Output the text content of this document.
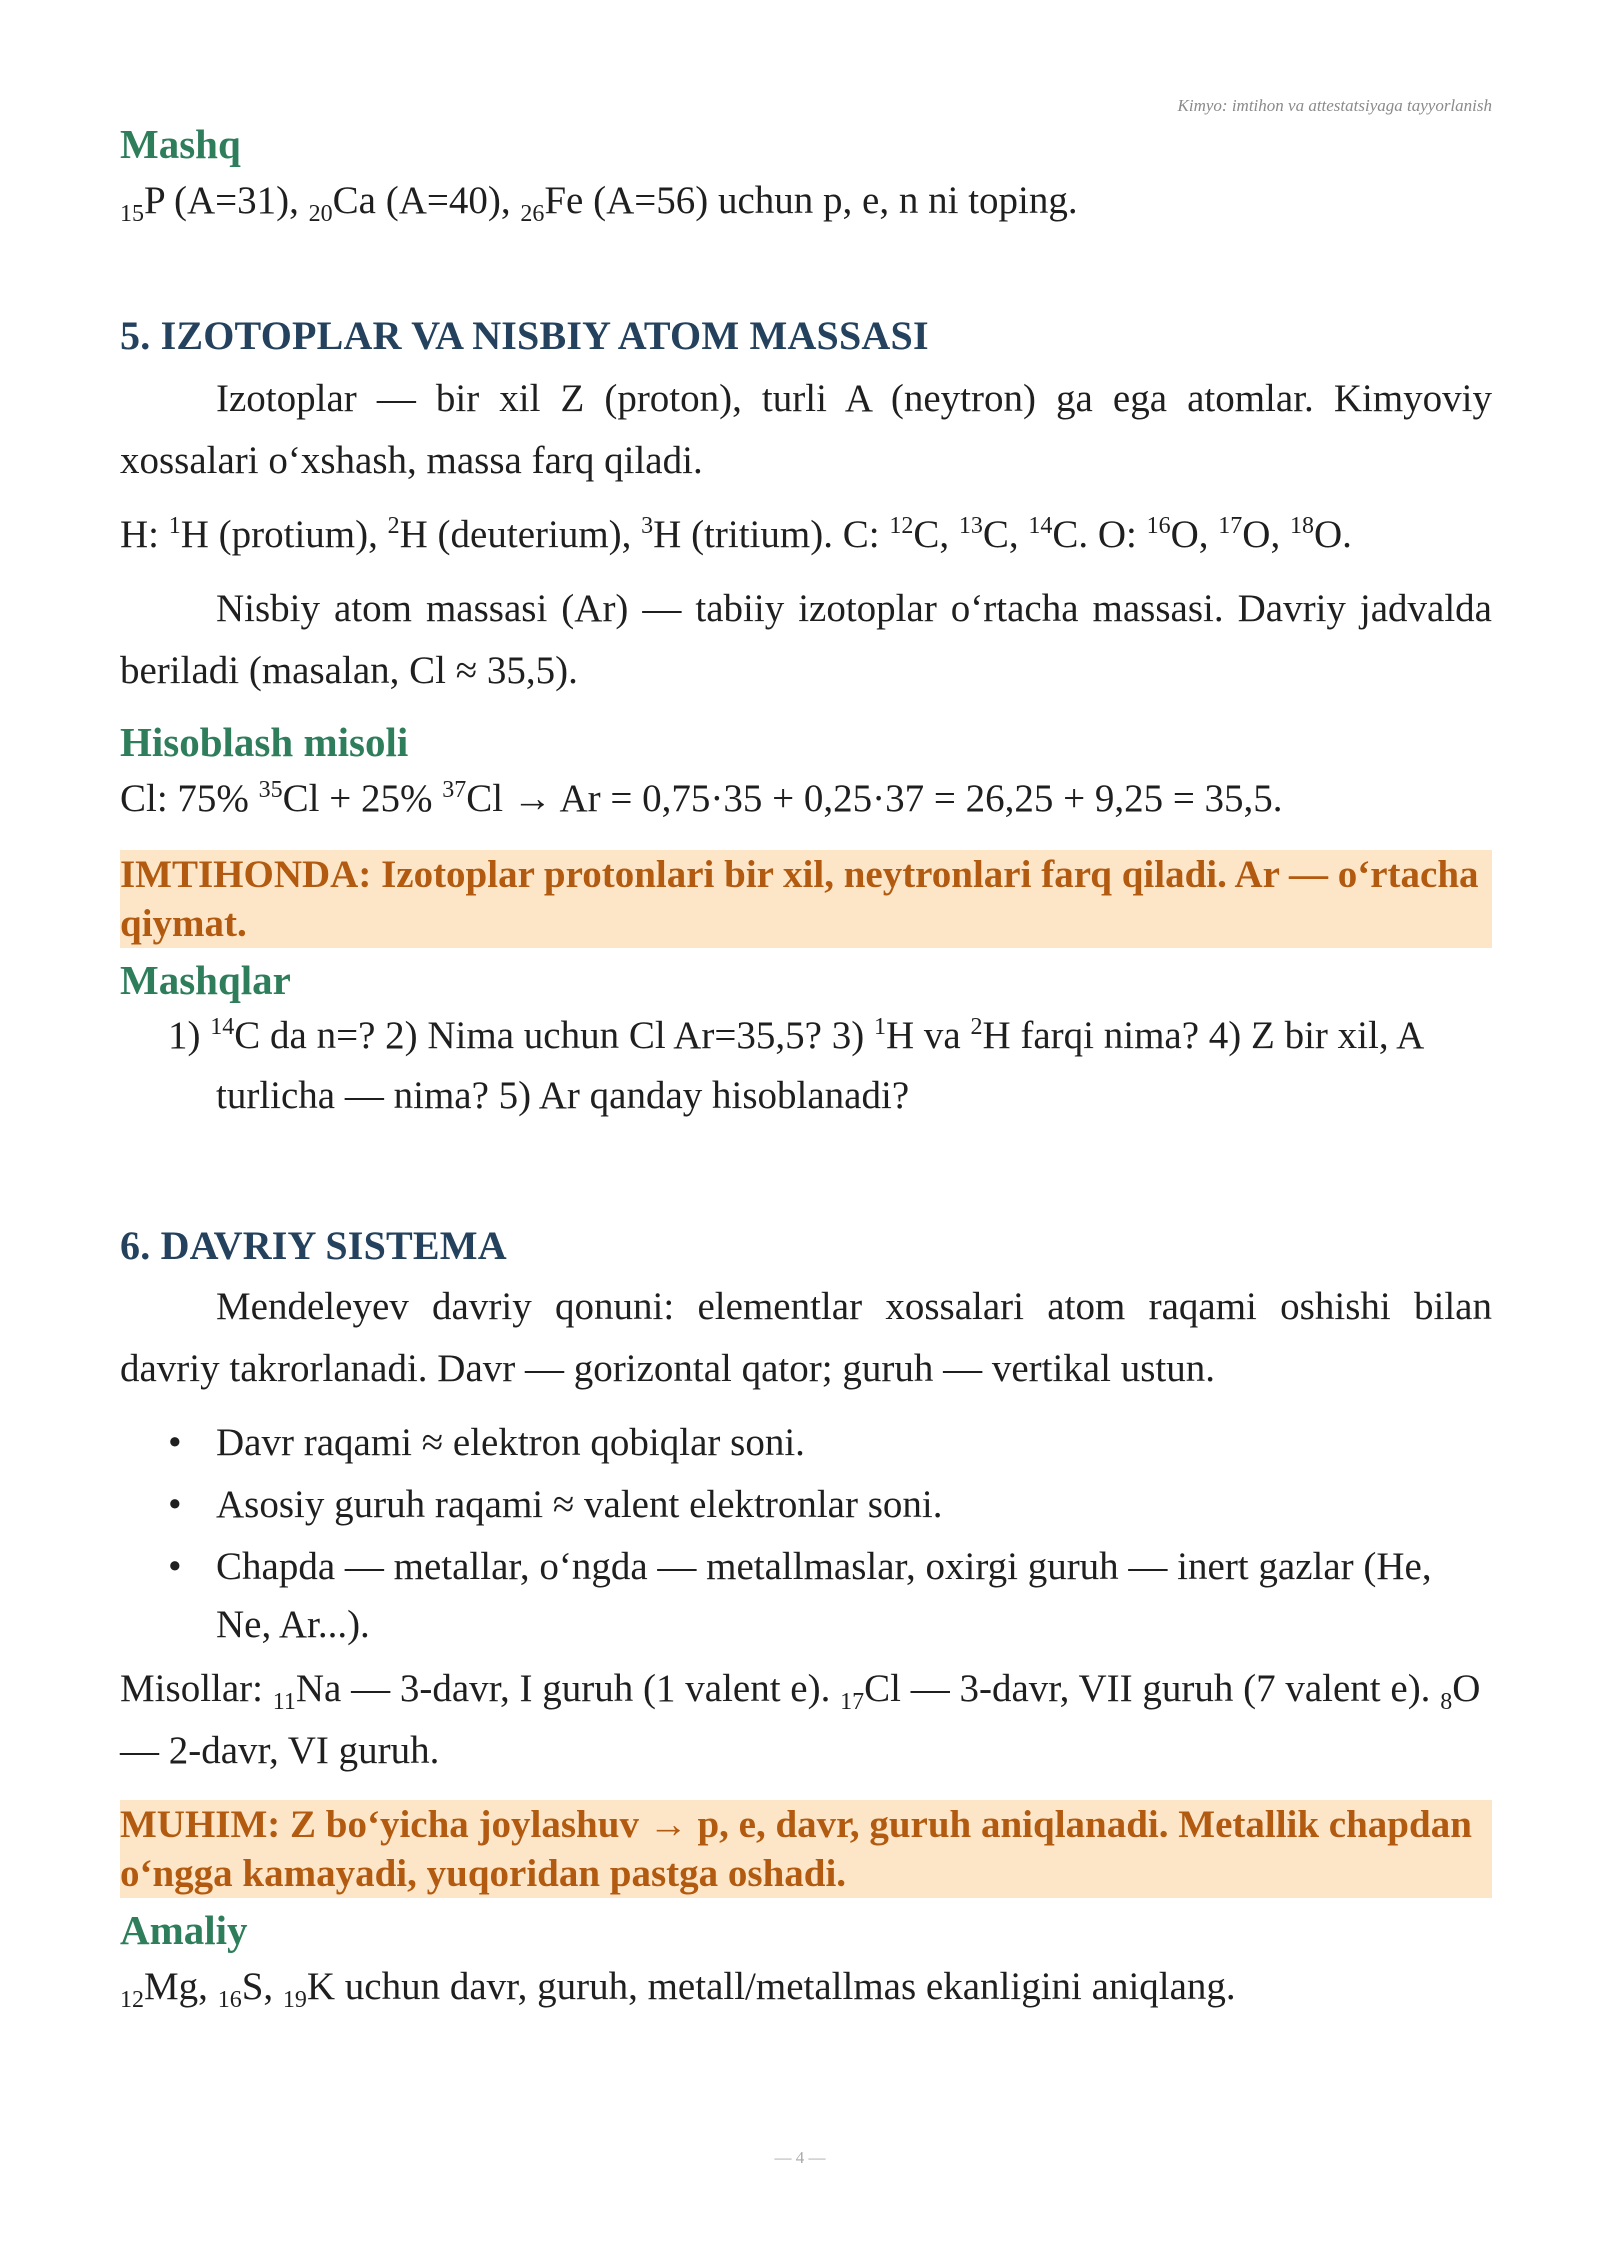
Kimyo: imtihon va attestatsiyaga tayyorlanish

Mashq

$_{15}$P (A=31), $_{20}$Ca (A=40), $_{26}$Fe (A=56) uchun p, e, n ni toping.

5. IZOTOPLAR VA NISBIY ATOM MASSASI

Izotoplar — bir xil Z (proton), turli A (neytron) ga ega atomlar. Kimyoviy xossalari o‘xshash, massa farq qiladi.

H: $^1$H (protium), $^2$H (deuterium), $^3$H (tritium). C: $^{12}$C, $^{13}$C, $^{14}$C. O: $^{16}$O, $^{17}$O, $^{18}$O.

Nisbiy atom massasi (Ar) — tabiiy izotoplar o‘rtacha massasi. Davriy jadvalda beriladi (masalan, Cl ≈ 35,5).

Hisoblash misoli

Cl: 75% $^{35}$Cl + 25% $^{37}$Cl → Ar = 0,75·35 + 0,25·37 = 26,25 + 9,25 = 35,5.

IMTIHONDA: Izotoplar protonlari bir xil, neytronlari farq qiladi. Ar — o‘rtacha qiymat.

Mashqlar

1) $^{14}$C da n=? 2) Nima uchun Cl Ar=35,5? 3) $^1$H va $^2$H farqi nima? 4) Z bir xil, A turlicha — nima? 5) Ar qanday hisoblanadi?

6. DAVRIY SISTEMA

Mendeleyev davriy qonuni: elementlar xossalari atom raqami oshishi bilan davriy takrorlanadi. Davr — gorizontal qator; guruh — vertikal ustun.

• Davr raqami ≈ elektron qobiqlar soni.
• Asosiy guruh raqami ≈ valent elektronlar soni.
• Chapda — metallar, o‘ngda — metallmaslar, oxirgi guruh — inert gazlar (He, Ne, Ar...).

Misollar: $_{11}$Na — 3-davr, I guruh (1 valent e). $_{17}$Cl — 3-davr, VII guruh (7 valent e). $_8$O — 2-davr, VI guruh.

MUHIM: Z bo‘yicha joylashuv → p, e, davr, guruh aniqlanadi. Metallik chapdan o‘ngga kamayadi, yuqoridan pastga oshadi.

Amaliy

$_{12}$Mg, $_{16}$S, $_{19}$K uchun davr, guruh, metall/metallmas ekanligini aniqlang.

— 4 —
